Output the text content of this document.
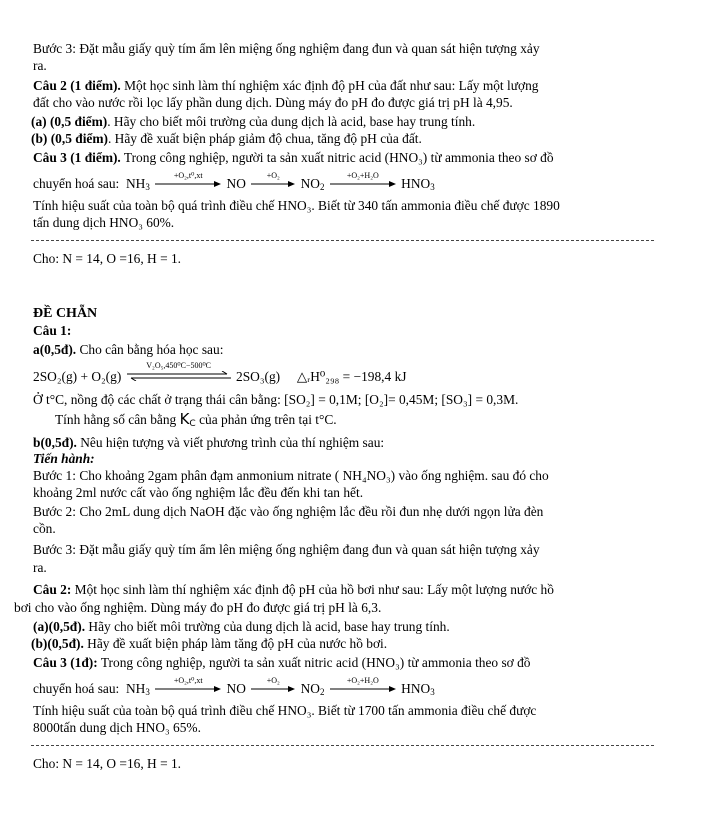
Bước 3: Đặt mẫu giấy quỳ tím ẩm lên miệng ống nghiệm đang đun và quan sát hiện tượng xảy
ra.
Câu 2 (1 điểm). Một học sinh làm thí nghiệm xác định độ pH của đất như sau: Lấy một lượng
đất cho vào nước rồi lọc lấy phần dung dịch. Dùng máy đo pH đo được giá trị pH là 4,95.
(a) (0,5 điểm). Hãy cho biết môi trường của dung dịch là acid, base hay trung tính.
(b) (0,5 điểm). Hãy đề xuất biện pháp giảm độ chua, tăng độ pH của đất.
Câu 3 (1 điểm). Trong công nghiệp, người ta sản xuất nitric acid (HNO₃) từ ammonia theo sơ đồ
chuyển hoá sau: $NH_3$
+O₂,t⁰,xt
NO
+O₂
$NO_2$
+O₂+H₂O
$HNO_3$
Tính hiệu suất của toàn bộ quá trình điều chế HNO₃. Biết từ 340 tấn ammonia điều chế được 1890
tấn dung dịch HNO₃ 60%.
Cho: N = 14, O =16, H = 1.
ĐỀ CHẴN
Câu 1:
a(0,5đ). Cho cân bằng hóa học sau:
2SO₂(g) + O₂(g)
V₂O₅,450⁰C−500⁰C
2SO₃(g) △ᵣH⁰₂₉₈ = −198,4 kJ
Ở t°C, nồng độ các chất ở trạng thái cân bằng: [SO₂] = 0,1M; [O₂]= 0,45M; [SO₃] = 0,3M.
Tính hằng số cân bằng $K_C$ của phản ứng trên tại t°C.
b(0,5đ). Nêu hiện tượng và viết phương trình của thí nghiệm sau:
Tiến hành:
Bước 1: Cho khoảng 2gam phân đạm anmonium nitrate ( NH₄NO₃) vào ống nghiệm. sau đó cho
khoảng 2ml nước cất vào ống nghiệm lắc đều đến khi tan hết.
Bước 2: Cho 2mL dung dịch NaOH đặc vào ống nghiệm lắc đều rồi đun nhẹ dưới ngọn lửa đèn
cồn.
Bước 3: Đặt mẫu giấy quỳ tím ẩm lên miệng ống nghiệm đang đun và quan sát hiện tượng xảy
ra.
Câu 2: Một học sinh làm thí nghiệm xác định độ pH của hồ bơi như sau: Lấy một lượng nước hồ
bơi cho vào ống nghiệm. Dùng máy đo pH đo được giá trị pH là 6,3.
(a)(0,5đ). Hãy cho biết môi trường của dung dịch là acid, base hay trung tính.
(b)(0,5đ). Hãy đề xuất biện pháp làm tăng độ pH của nước hồ bơi.
Câu 3 (1đ): Trong công nghiệp, người ta sản xuất nitric acid (HNO₃) từ ammonia theo sơ đồ
chuyển hoá sau: $NH_3$
+O₂,t⁰,xt
NO
+O₂
$NO_2$
+O₂+H₂O
$HNO_3$
Tính hiệu suất của toàn bộ quá trình điều chế HNO₃. Biết từ 1700 tấn ammonia điều chế được
8000tấn dung dịch HNO₃ 65%.
Cho: N = 14, O =16, H = 1.
